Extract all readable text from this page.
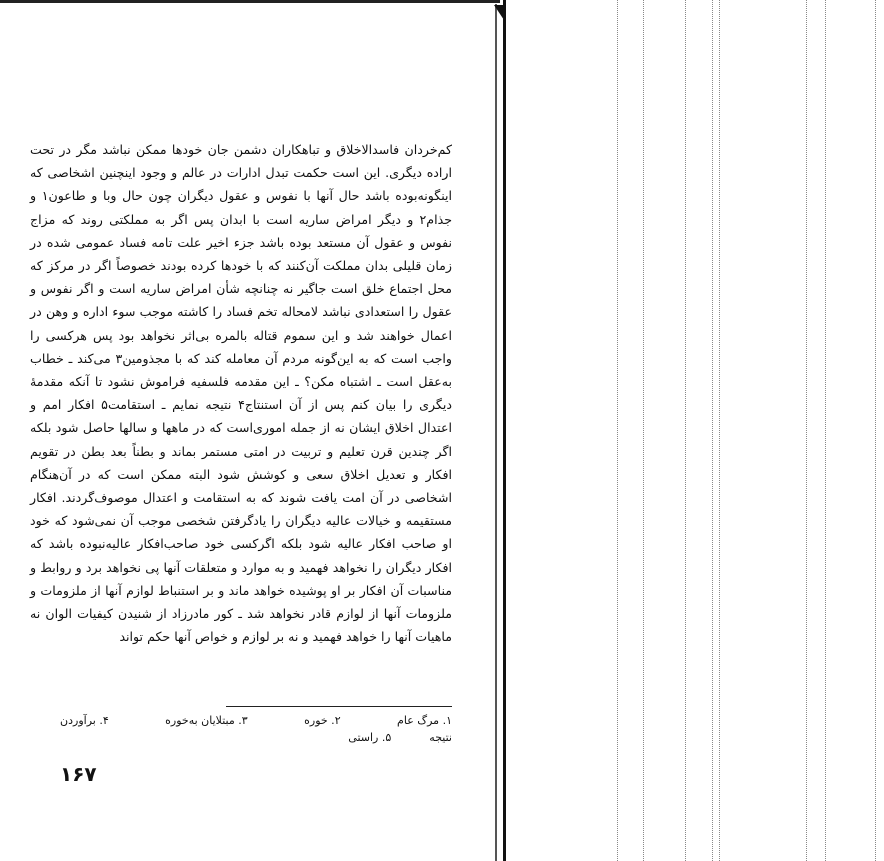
کم‌خردان فاسدالاخلاق و تباهکاران دشمن جان خودها ممکن نباشد مگر در تحت اراده دیگری. این است حکمت تبدل ادارات در عالم و وجود اینچنین اشخاصی که اینگونه‌بوده باشد حال آنها با نفوس و عقول دیگران چون حال وبا و طاعون۱ و جذام۲ و دیگر امراض ساریه است با ابدان پس اگر به مملکتی روند که مزاج نفوس و عقول آن مستعد بوده باشد جزء اخیر علت تامه فساد عمومی شده در زمان قلیلی بدان مملکت آن‌کنند که با خودها کرده بودند خصوصاً اگر در مرکز که محل اجتماع خلق است جاگیر نه چنانچه شأن امراض ساریه است و اگر نفوس و عقول را استعدادی نباشد لامحاله تخم فساد را کاشته موجب سوء اداره و وهن در اعمال خواهند شد و این سموم قتاله بالمره بی‌اثر نخواهد بود پس هرکسی را واجب است که به این‌گونه مردم آن معامله کند که با مجذومین۳ می‌کند ـ خطاب به‌عقل است ـ اشتباه مکن؟ ـ این مقدمه فلسفیه فراموش نشود تا آنکه مقدمهٔ دیگری را بیان کنم پس از آن استنتاج۴ نتیجه نمایم ـ استقامت۵ افکار امم و اعتدال اخلاق ایشان نه از جمله اموری‌است که در ماهها و سالها حاصل شود بلکه اگر چندین قرن تعلیم و تربیت در امتی مستمر بماند و بطناً بعد بطن در تقویم افکار و تعدیل اخلاق سعی و کوشش شود البته ممکن است که در آن‌هنگام اشخاصی در آن امت یافت شوند که به استقامت و اعتدال موصوف‌گردند. افکار مستقیمه و خیالات عالیه دیگران را یادگرفتن شخصی موجب آن نمی‌شود که خود او صاحب افکار عالیه شود بلکه اگرکسی خود صاحب‌افکار عالیه‌نبوده باشد که افکار دیگران را نخواهد فهمید و به موارد و متعلقات آنها پی نخواهد برد و روابط و مناسبات آن افکار بر او پوشیده خواهد ماند و بر استنباط لوازم آنها از ملزومات و ملزومات آنها از لوازم قادر نخواهد شد ـ کور مادرزاد از شنیدن کیفیات الوان نه ماهیات آنها را خواهد فهمید و نه بر لوازم و خواص آنها حکم تواند

۱. مرگ عام
۲. خوره
۳. مبتلایان به‌خوره
۴. برآوردن
نتیجه
۵. راستی
۱۶۷
